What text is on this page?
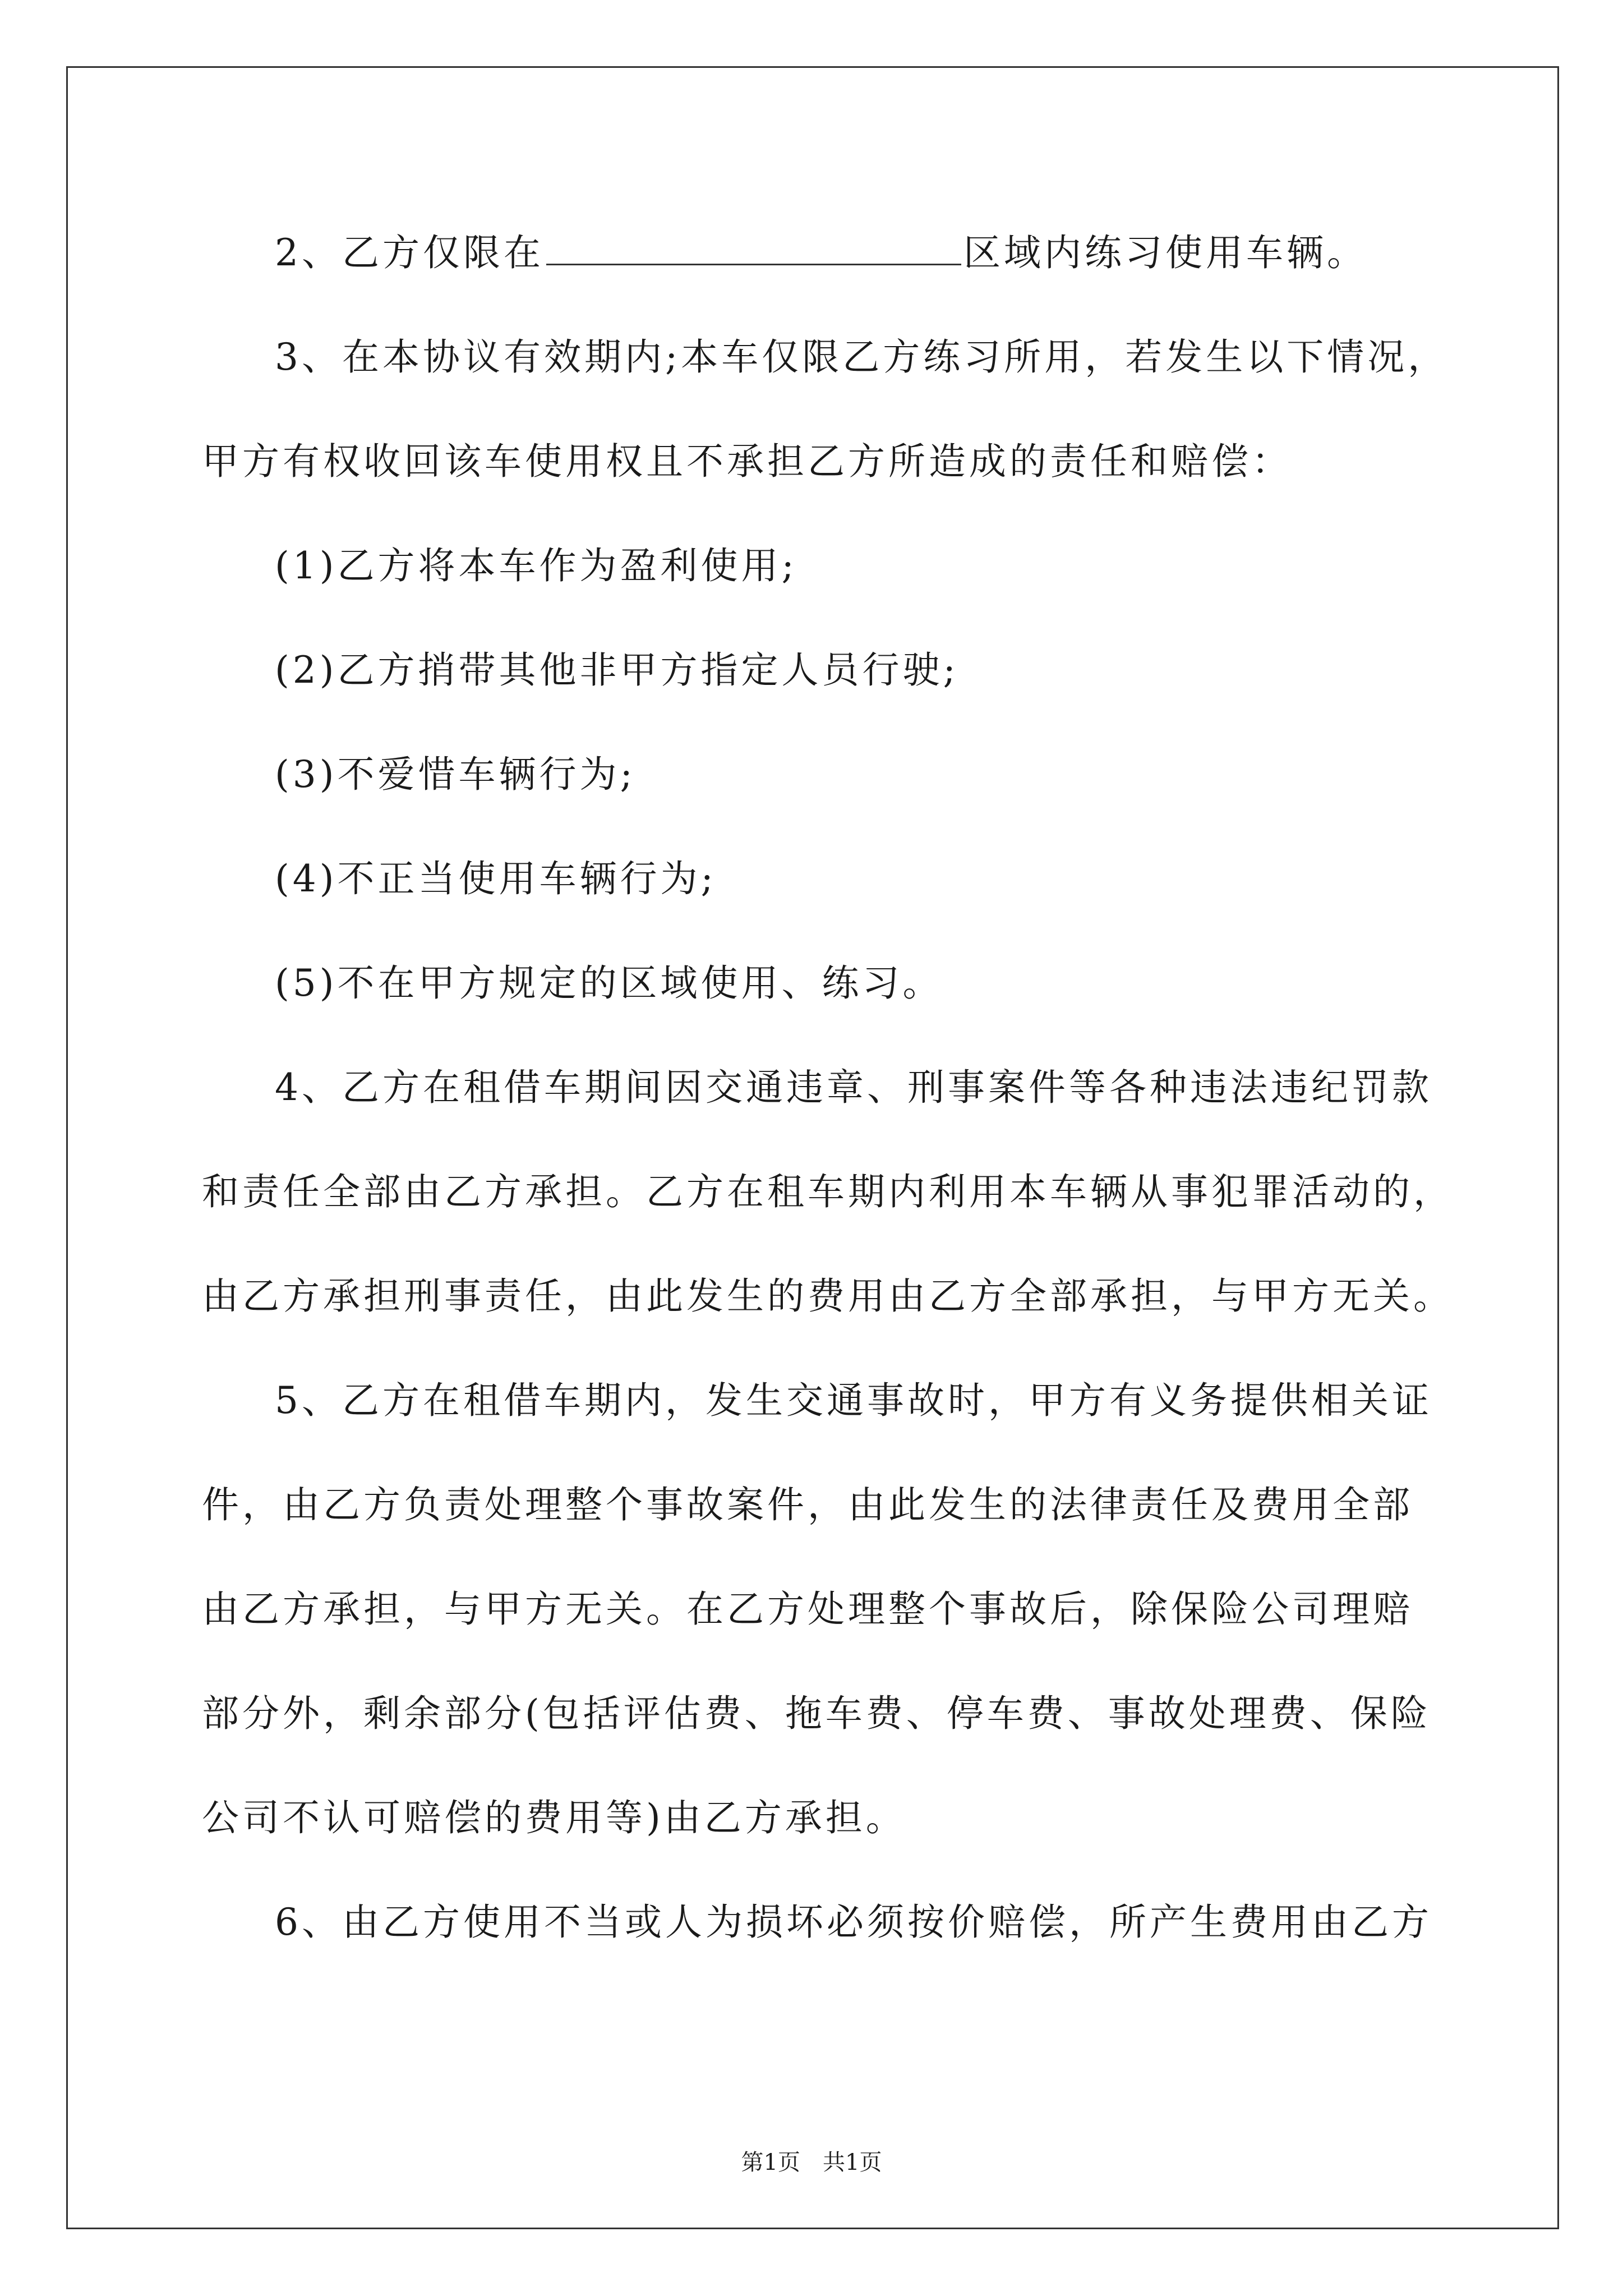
2、乙方仅限在	区域内练习使用车辆。
3、在本协议有效期内;本车仅限乙方练习所用，若发生以下情况，
甲方有权收回该车使用权且不承担乙方所造成的责任和赔偿：
(1)乙方将本车作为盈利使用;
(2)乙方捎带其他非甲方指定人员行驶;
(3)不爱惜车辆行为;
(4)不正当使用车辆行为;
(5)不在甲方规定的区域使用、练习。
4、乙方在租借车期间因交通违章、刑事案件等各种违法违纪罚款
和责任全部由乙方承担。乙方在租车期内利用本车辆从事犯罪活动的，
由乙方承担刑事责任，由此发生的费用由乙方全部承担，与甲方无关。
5、乙方在租借车期内，发生交通事故时，甲方有义务提供相关证
件，由乙方负责处理整个事故案件，由此发生的法律责任及费用全部
由乙方承担，与甲方无关。在乙方处理整个事故后，除保险公司理赔
部分外，剩余部分(包括评估费、拖车费、停车费、事故处理费、保险
公司不认可赔偿的费用等)由乙方承担。
6、由乙方使用不当或人为损坏必须按价赔偿，所产生费用由乙方
第1页 共1页
